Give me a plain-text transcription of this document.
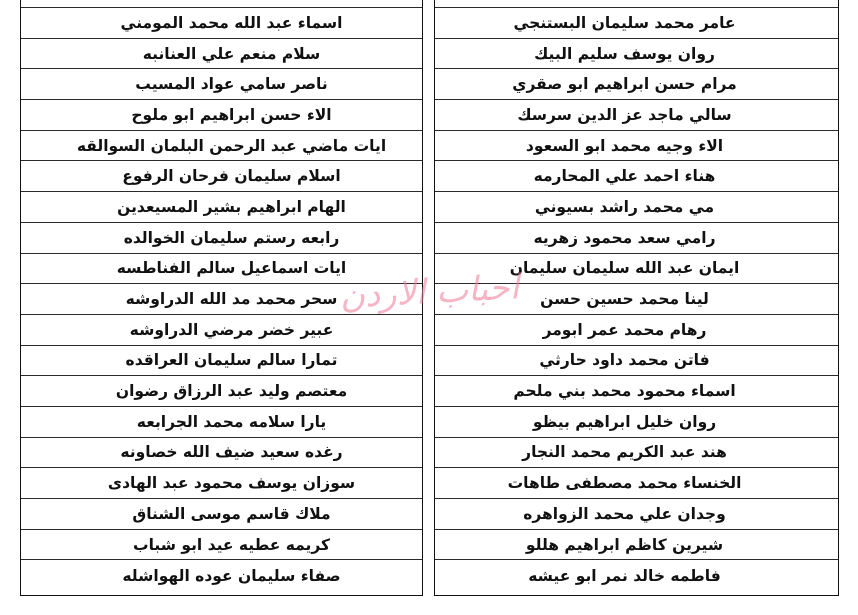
اسماء عبد الله محمد المومني
سلام منعم علي العنانبه
ناصر سامي عواد المسيب
الاء حسن ابراهيم ابو ملوح
ايات ماضي عبد الرحمن البلمان السوالقه
اسلام سليمان فرحان الرفوع
الهام ابراهيم بشير المسيعدين
رابعه رستم سليمان الخوالده
ايات اسماعيل سالم الفناطسه
سحر محمد مد الله الدراوشه
عبير خضر مرضي الدراوشه
تمارا سالم سليمان العراقده
معتصم وليد عبد الرزاق رضوان
يارا سلامه محمد الجرابعه
رغده سعيد ضيف الله خصاونه
سوزان يوسف محمود عبد الهادى
ملاك قاسم موسى الشناق
كريمه عطيه عيد ابو شباب
صفاء سليمان عوده الهواشله
عامر محمد سليمان البستنجي
روان يوسف سليم البيك
مرام حسن ابراهيم ابو صقري
سالي ماجد عز الدين سرسك
الاء وجيه محمد ابو السعود
هناء احمد علي المحارمه
مي محمد راشد بسيوني
رامي سعد محمود زهريه
ايمان عبد الله سليمان سليمان
لينا محمد حسين حسن
رهام محمد عمر ابومر
فاتن محمد داود حارثي
اسماء محمود محمد بني ملحم
روان خليل ابراهيم بيظو
هند عبد الكريم محمد النجار
الخنساء محمد مصطفى طاهات
وجدان علي محمد الزواهره
شيرين كاظم ابراهيم هللو
فاطمه خالد نمر ابو عيشه
احباب الاردن
